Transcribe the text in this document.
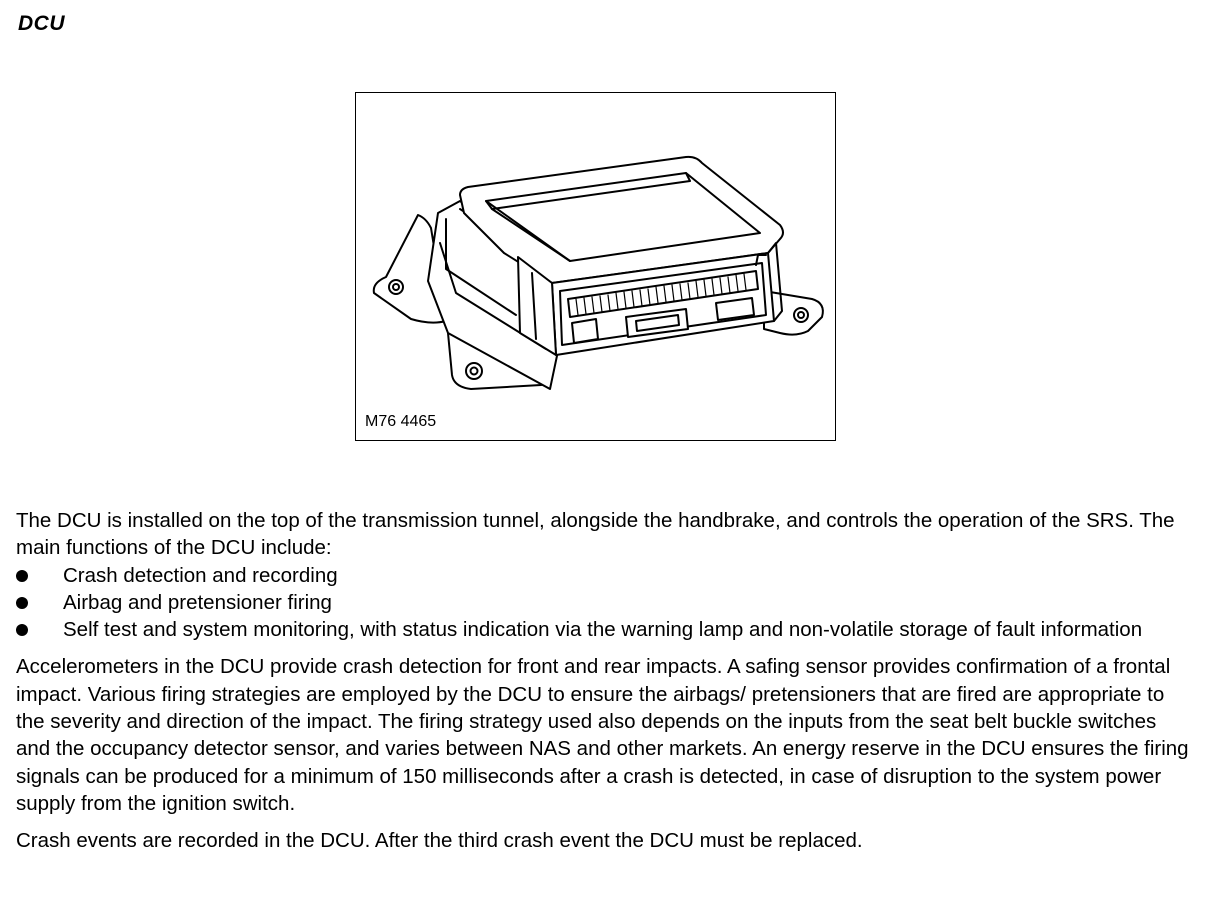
DCU
M76 4465

The DCU is installed on the top of the transmission tunnel, alongside the handbrake, and controls the operation of the SRS. The main functions of the DCU include:

Crash detection and recording
Airbag and pretensioner firing
Self test and system monitoring, with status indication via the warning lamp and non-volatile storage of fault information

Accelerometers in the DCU provide crash detection for front and rear impacts. A safing sensor provides confirmation of a frontal impact. Various firing strategies are employed by the DCU to ensure the airbags/ pretensioners that are fired are appropriate to the severity and direction of the impact. The firing strategy used also depends on the inputs from the seat belt buckle switches and the occupancy detector sensor, and varies between NAS and other markets. An energy reserve in the DCU ensures the firing signals can be produced for a minimum of 150 milliseconds after a crash is detected, in case of disruption to the system power supply from the ignition switch.

Crash events are recorded in the DCU. After the third crash event the DCU must be replaced.
